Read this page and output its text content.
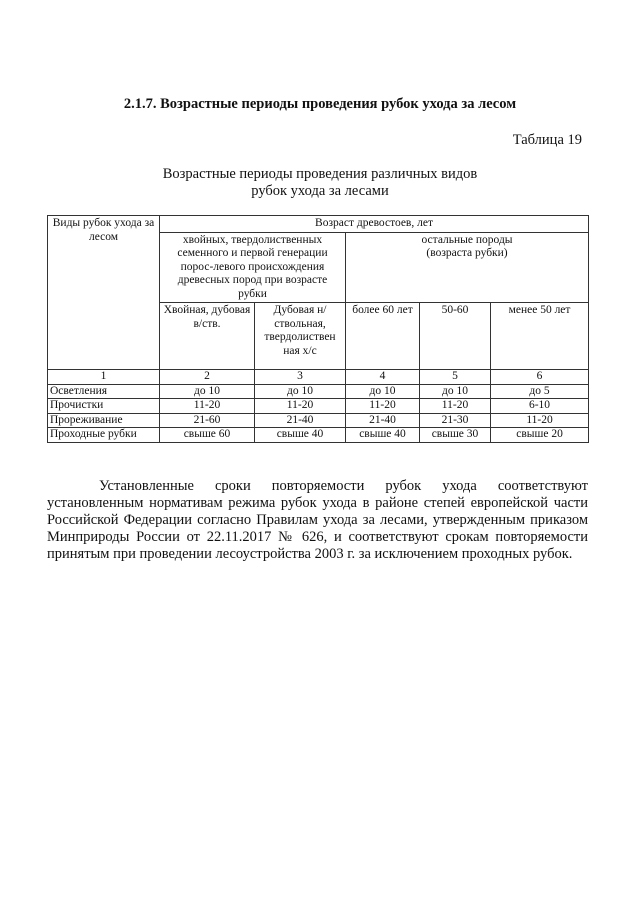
2.1.7. Возрастные периоды проведения рубок ухода за лесом
Таблица 19
Возрастные периоды проведения различных видов
рубок ухода за лесами
Виды рубок ухода за лесом	Возраст древостоев, лет				
	хвойных, твердолиственных семенного и первой генерации порос-левого происхождения древесных пород при возрасте рубки		остальные породы
(возраста рубки)		

	Хвойная, дубовая в/ств.	Дубовая н/ствольная, твердолиствен ная х/с	более 60 лет	50-60	менее 50 лет
1	2	3	4	5	6
Осветления	до 10	до 10	до 10	до 10	до 5
Прочистки	11-20	11-20	11-20	11-20	6-10
Прореживание	21-60	21-40	21-40	21-30	11-20
Проходные рубки	свыше 60	свыше 40	свыше 40	свыше 30	свыше 20
Установленные сроки повторяемости рубок ухода соответствуют установленным нормативам режима рубок ухода в районе степей европейской части Российской Федерации согласно Правилам ухода за лесами, утвержденным приказом Минприроды России от 22.11.2017 № 626, и соответствуют срокам повторяемости принятым при проведении лесоустройства 2003 г. за исключением проходных рубок.
